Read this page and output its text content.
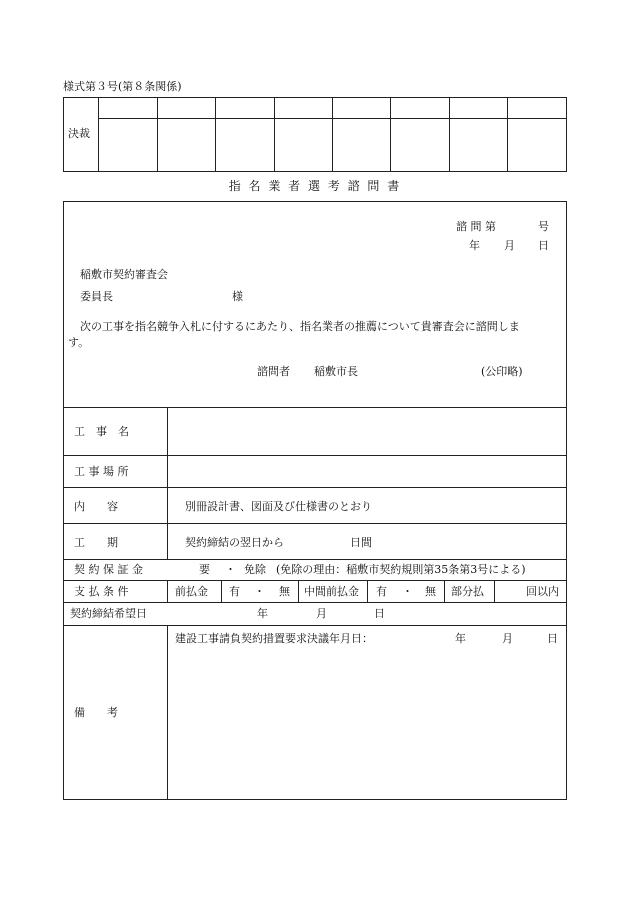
様式第３号(第８条関係)
決裁
指 名 業 者 選 考 諮 問 書
諮 問 第	号
年 月 日
稲敷市契約審査会
委員長	様
次の工事を指名競争入札に付するにあたり、指名業者の推薦について貴審査会に諮問しま
す。
諮問者 稲敷市長	(公印略)
工　事　名
工 事 場 所
内　　容	別冊設計書、図面及び仕様書のとおり
工　　期	契約締結の翌日から	日間
契 約 保 証 金	要 ・ 免除 (免除の理由：稲敷市契約規則第35条第3号による)
支 払 条 件	前払金 有 ・ 無 中間前払金 有 ・ 無 部分払	回以内
契約締結希望日	年	月	日
備　　考
建設工事請負契約措置要求決議年月日：	年	月	日
